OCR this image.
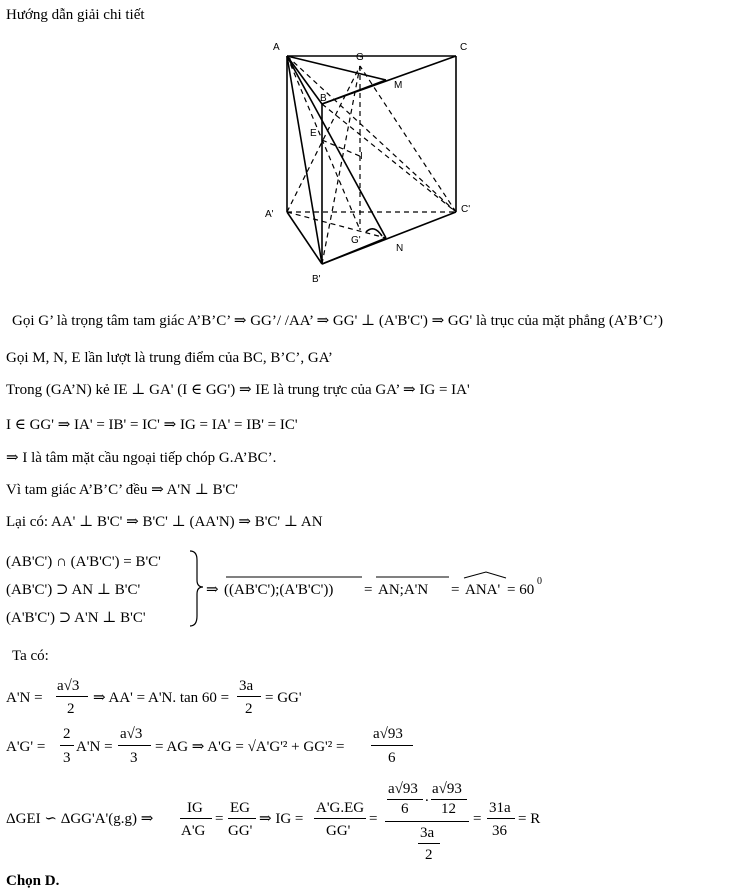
Hướng dẫn giải chi tiết
A	C
G
M
B
E
I
A'	C'
G'
N
B'
Gọi G’ là trọng tâm tam giác A’B’C’ ⇒ GG’/ /AA’ ⇒ GG' ⊥ (A'B'C') ⇒ GG' là trục của mặt phẳng (A’B’C’)
Gọi M, N, E lần lượt là trung điểm của BC, B’C’, GA’
Trong (GA’N) kẻ IE ⊥ GA' (I ∈ GG') ⇒ IE là trung trực của GA’ ⇒ IG = IA'
I ∈ GG' ⇒ IA' = IB' = IC' ⇒ IG = IA' = IB' = IC'
⇒ I là tâm mặt cầu ngoại tiếp chóp G.A’BC’.
Vì tam giác A’B’C’ đều ⇒ A'N ⊥ B'C'
Lại có: AA' ⊥ B'C' ⇒ B'C' ⊥ (AA'N) ⇒ B'C' ⊥ AN
(AB'C') ∩ (A'B'C') = B'C'
(AB'C') ⊃ AN ⊥ B'C'
(A'B'C') ⊃ A'N ⊥ B'C'
⇒ ((AB'C');(A'B'C')) = AN;A'N = ANA' = 60
0
Ta có:
A'N =
a√3
2
⇒ AA' = A'N. tan 60 =
3a
2
= GG'
A'G' =
2
3
A'N =
a√3
3
= AG ⇒ A'G = √A'G'² + GG'² =
a√93
6
ΔGEI ∽ ΔGG'A'(g.g) ⇒
IG
A'G
=
EG
GG'
⇒ IG =
A'G.EG
GG'
=
a√93
6
. a√93
12
3a
2
=
31a
36
= R
Chọn D.
